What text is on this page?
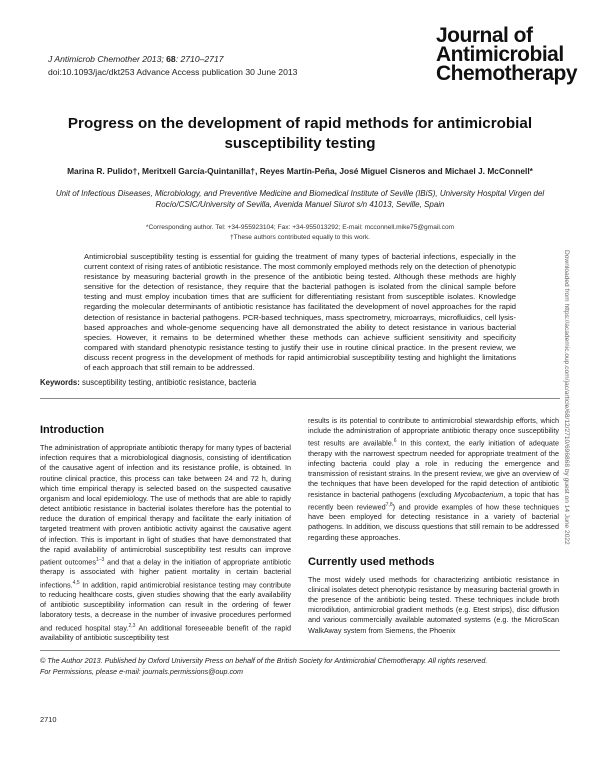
J Antimicrob Chemother 2013; 68: 2710–2717
doi:10.1093/jac/dkt253 Advance Access publication 30 June 2013
Journal of
Antimicrobial
Chemotherapy
Progress on the development of rapid methods for antimicrobial susceptibility testing
Marina R. Pulido†, Meritxell García-Quintanilla†, Reyes Martín-Peña, José Miguel Cisneros and Michael J. McConnell*
Unit of Infectious Diseases, Microbiology, and Preventive Medicine and Biomedical Institute of Seville (IBiS), University Hospital Virgen del Rocío/CSIC/University of Sevilla, Avenida Manuel Siurot s/n 41013, Seville, Spain
*Corresponding author. Tel: +34-955923104; Fax: +34-955013292; E-mail: mcconnell.mike75@gmail.com
†These authors contributed equally to this work.
Antimicrobial susceptibility testing is essential for guiding the treatment of many types of bacterial infections, especially in the current context of rising rates of antibiotic resistance. The most commonly employed methods rely on the detection of phenotypic resistance by measuring bacterial growth in the presence of the antibiotic being tested. Although these methods are highly sensitive for the detection of resistance, they require that the bacterial pathogen is isolated from the clinical sample before testing and must employ incubation times that are sufficient for differentiating resistant from susceptible isolates. Knowledge regarding the molecular determinants of antibiotic resistance has facilitated the development of novel approaches for the rapid detection of resistance in bacterial pathogens. PCR-based techniques, mass spectrometry, microarrays, microfluidics, cell lysis-based approaches and whole-genome sequencing have all demonstrated the ability to detect resistance in various bacterial species. However, it remains to be determined whether these methods can achieve sufficient sensitivity and specificity compared with standard phenotypic resistance testing to justify their use in routine clinical practice. In the present review, we discuss recent progress in the development of methods for rapid antimicrobial susceptibility testing and highlight the limitations of each approach that still remain to be addressed.
Keywords: susceptibility testing, antibiotic resistance, bacteria
Introduction

The administration of appropriate antibiotic therapy for many types of bacterial infection requires that a microbiological diagnosis, consisting of identification of the causative agent of infection and its resistance profile, is obtained. In routine clinical practice, this process can take between 24 and 72 h, during which time empirical therapy is selected based on the suspected causative organism and local epidemiology. The use of methods that are able to rapidly detect antibiotic resistance in bacterial isolates therefore has the potential to reduce the duration of empirical therapy and facilitate the early initiation of targeted treatment with proven antibiotic activity against the causative agent of infection. This is important in light of studies that have demonstrated that the rapid availability of antimicrobial susceptibility test results can improve patient outcomes$^{1-3}$ and that a delay in the initiation of appropriate antibiotic therapy is associated with higher patient mortality in certain bacterial infections.$^{4,5}$ In addition, rapid antimicrobial resistance testing may contribute to reducing healthcare costs, given studies showing that the early availability of antibiotic susceptibility information can result in the ordering of fewer laboratory tests, a decrease in the number of invasive procedures performed and reduced hospital stay.$^{2,3}$ An additional foreseeable benefit of the rapid availability of antibiotic susceptibility test

results is its potential to contribute to antimicrobial stewardship efforts, which include the administration of appropriate antibiotic therapy once susceptibility test results are available.$^6$ In this context, the early initiation of adequate therapy with the narrowest spectrum needed for appropriate treatment of the infecting bacteria could play a role in reducing the emergence and transmission of resistant strains. In the present review, we give an overview of the techniques that have been developed for the rapid detection of antibiotic resistance in bacterial pathogens (excluding Mycobacterium, a topic that has recently been reviewed$^{7,8}$) and provide examples of how these techniques have been employed for detecting resistance in a variety of bacterial pathogens. In addition, we discuss questions that still remain to be addressed regarding these approaches.

Currently used methods

The most widely used methods for characterizing antibiotic resistance in clinical isolates detect phenotypic resistance by measuring bacterial growth in the presence of the antibiotic being tested. These techniques include broth microdilution, antimicrobial gradient methods (e.g. Etest strips), disc diffusion and various commercially available automated systems (e.g. the MicroScan WalkAway system from Siemens, the Phoenix

© The Author 2013. Published by Oxford University Press on behalf of the British Society for Antimicrobial Chemotherapy. All rights reserved.
For Permissions, please e-mail: journals.permissions@oup.com
2710
Downloaded from https://academic.oup.com/jac/article/68/12/2710/696868 by guest on 14 June 2022
